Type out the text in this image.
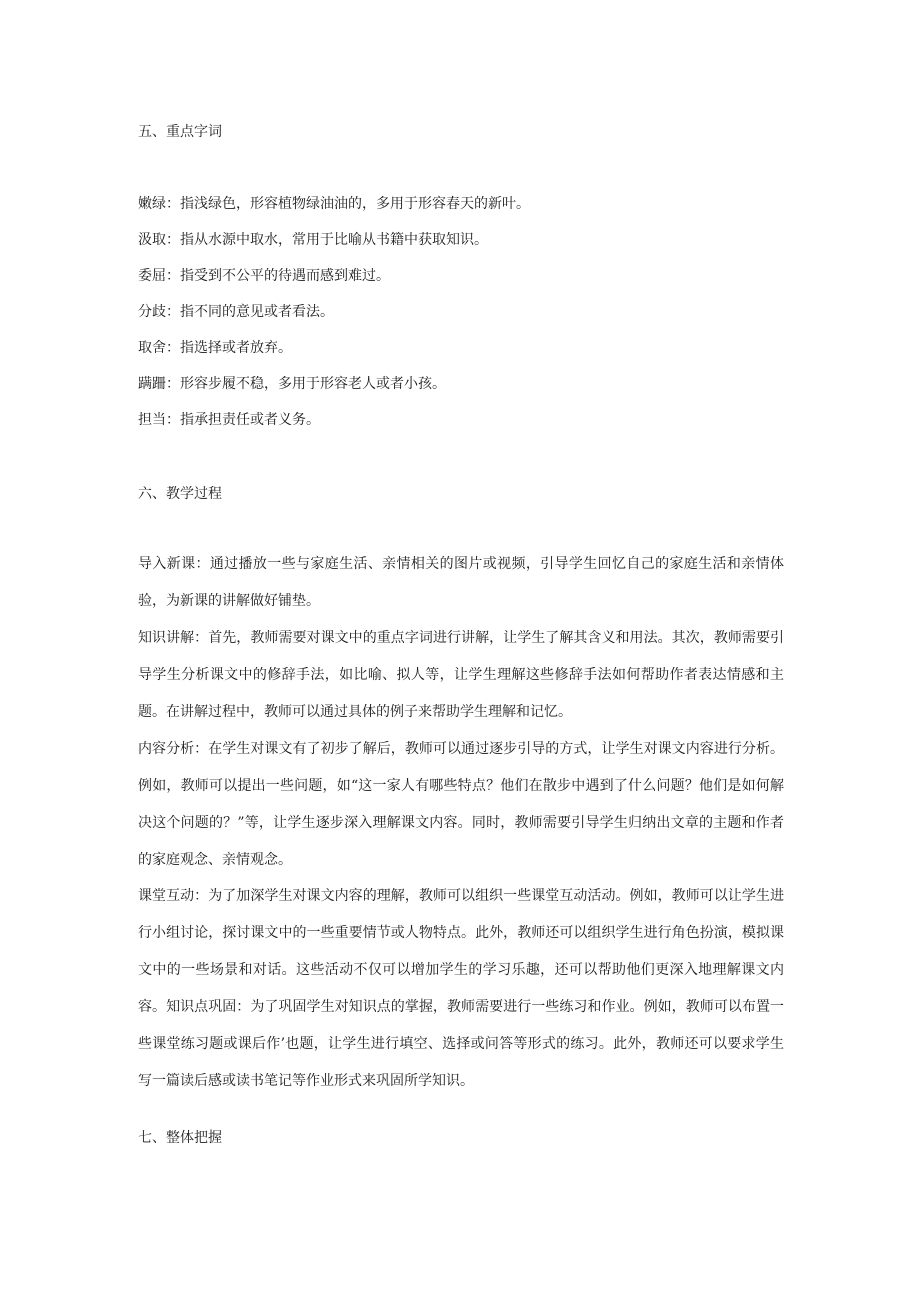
五、重点字词
嫩绿：指浅绿色，形容植物绿油油的，多用于形容春天的新叶。
汲取：指从水源中取水，常用于比喻从书籍中获取知识。
委屈：指受到不公平的待遇而感到难过。
分歧：指不同的意见或者看法。
取舍：指选择或者放弃。
蹒跚：形容步履不稳，多用于形容老人或者小孩。
担当：指承担责任或者义务。
六、教学过程
导入新课：通过播放一些与家庭生活、亲情相关的图片或视频，引导学生回忆自己的家庭生活和亲情体验，为新课的讲解做好铺垫。
知识讲解：首先，教师需要对课文中的重点字词进行讲解，让学生了解其含义和用法。其次，教师需要引导学生分析课文中的修辞手法，如比喻、拟人等，让学生理解这些修辞手法如何帮助作者表达情感和主题。在讲解过程中，教师可以通过具体的例子来帮助学生理解和记忆。
内容分析：在学生对课文有了初步了解后，教师可以通过逐步引导的方式，让学生对课文内容进行分析。例如，教师可以提出一些问题，如“这一家人有哪些特点？他们在散步中遇到了什么问题？他们是如何解决这个问题的？”等，让学生逐步深入理解课文内容。同时，教师需要引导学生归纳出文章的主题和作者的家庭观念、亲情观念。
课堂互动：为了加深学生对课文内容的理解，教师可以组织一些课堂互动活动。例如，教师可以让学生进行小组讨论，探讨课文中的一些重要情节或人物特点。此外，教师还可以组织学生进行角色扮演，模拟课文中的一些场景和对话。这些活动不仅可以增加学生的学习乐趣，还可以帮助他们更深入地理解课文内容。知识点巩固：为了巩固学生对知识点的掌握，教师需要进行一些练习和作业。例如，教师可以布置一些课堂练习题或课后作’也题，让学生进行填空、选择或问答等形式的练习。此外，教师还可以要求学生写一篇读后感或读书笔记等作业形式来巩固所学知识。
七、整体把握
